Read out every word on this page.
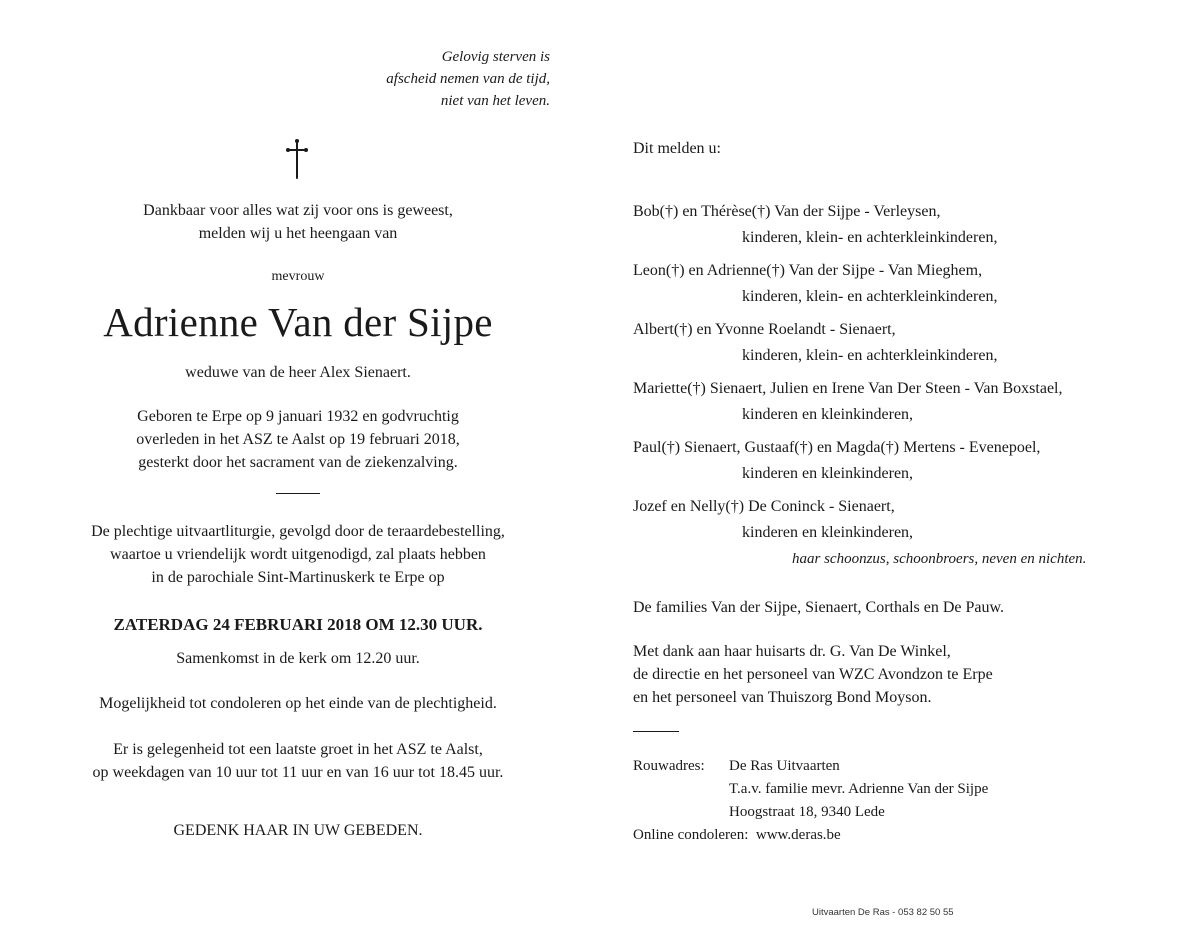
Gelovig sterven is
afscheid nemen van de tijd,
niet van het leven.
Dankbaar voor alles wat zij voor ons is geweest,
melden wij u het heengaan van
mevrouw
Adrienne Van der Sijpe
weduwe van de heer Alex Sienaert.
Geboren te Erpe op 9 januari 1932 en godvruchtig
overleden in het ASZ te Aalst op 19 februari 2018,
gesterkt door het sacrament van de ziekenzalving.
De plechtige uitvaartliturgie, gevolgd door de teraardebestelling,
waartoe u vriendelijk wordt uitgenodigd, zal plaats hebben
in de parochiale Sint-Martinuskerk te Erpe op
ZATERDAG 24 FEBRUARI 2018 OM 12.30 UUR.
Samenkomst in de kerk om 12.20 uur.
Mogelijkheid tot condoleren op het einde van de plechtigheid.
Er is gelegenheid tot een laatste groet in het ASZ te Aalst,
op weekdagen van 10 uur tot 11 uur en van 16 uur tot 18.45 uur.
GEDENK HAAR IN UW GEBEDEN.
Dit melden u:
Bob(†) en Thérèse(†) Van der Sijpe - Verleysen,
kinderen, klein- en achterkleinkinderen,
Leon(†) en Adrienne(†) Van der Sijpe - Van Mieghem,
kinderen, klein- en achterkleinkinderen,
Albert(†) en Yvonne Roelandt - Sienaert,
kinderen, klein- en achterkleinkinderen,
Mariette(†) Sienaert, Julien en Irene Van Der Steen - Van Boxstael,
kinderen en kleinkinderen,
Paul(†) Sienaert, Gustaaf(†) en Magda(†) Mertens - Evenepoel,
kinderen en kleinkinderen,
Jozef en Nelly(†) De Coninck - Sienaert,
kinderen en kleinkinderen,
haar schoonzus, schoonbroers, neven en nichten.
De families Van der Sijpe, Sienaert, Corthals en De Pauw.
Met dank aan haar huisarts dr. G. Van De Winkel,
de directie en het personeel van WZC Avondzon te Erpe
en het personeel van Thuiszorg Bond Moyson.
Rouwadres: De Ras Uitvaarten
T.a.v. familie mevr. Adrienne Van der Sijpe
Hoogstraat 18, 9340 Lede
Online condoleren: www.deras.be
Uitvaarten De Ras - 053 82 50 55
